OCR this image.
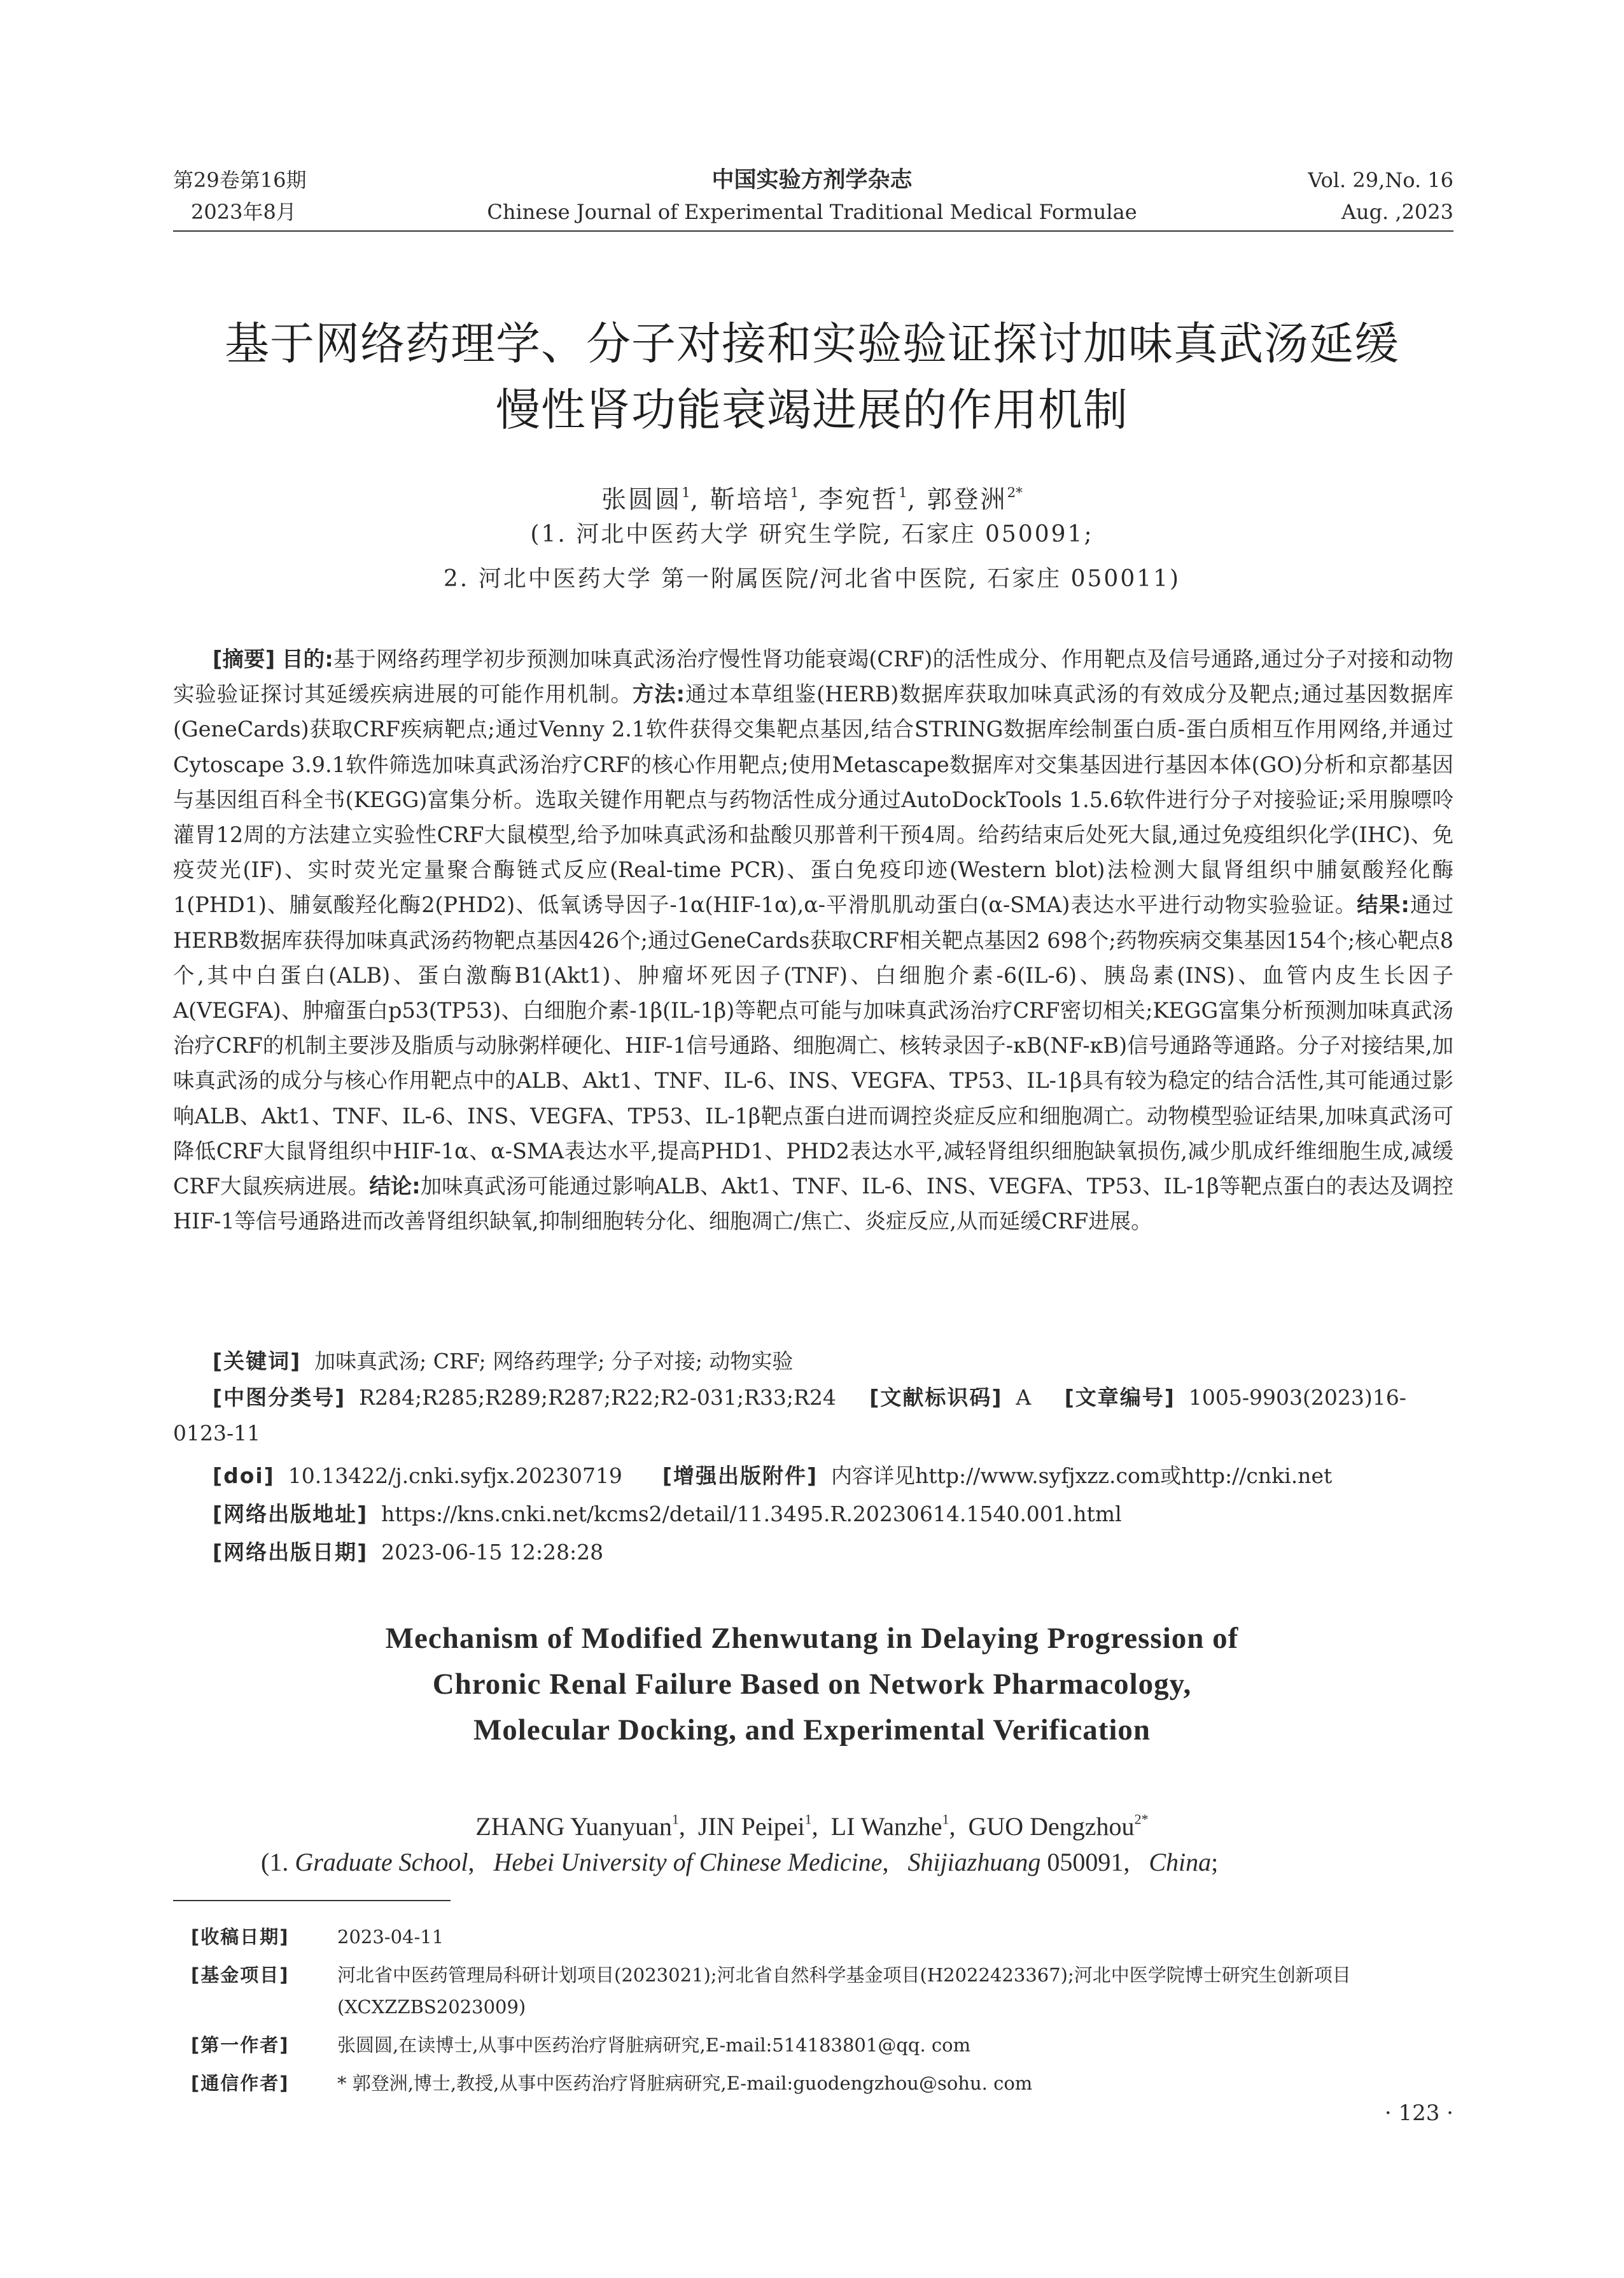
第29卷第16期
2023年8月
中国实验方剂学杂志
Chinese Journal of Experimental Traditional Medical Formulae
Vol. 29,No. 16
Aug. ,2023
基于网络药理学、分子对接和实验验证探讨加味真武汤延缓
慢性肾功能衰竭进展的作用机制
张圆圆$^1$, 靳培培$^1$, 李宛哲$^1$, 郭登洲$^{2*}$
(1. 河北中医药大学 研究生学院, 石家庄 050091;
2. 河北中医药大学 第一附属医院/河北省中医院, 石家庄 050011)
[摘要] 目的:基于网络药理学初步预测加味真武汤治疗慢性肾功能衰竭(CRF)的活性成分、作用靶点及信号通路,通过分子对接和动物实验验证探讨其延缓疾病进展的可能作用机制。方法:通过本草组鉴(HERB)数据库获取加味真武汤的有效成分及靶点;通过基因数据库(GeneCards)获取CRF疾病靶点;通过Venny 2.1软件获得交集靶点基因,结合STRING数据库绘制蛋白质-蛋白质相互作用网络,并通过Cytoscape 3.9.1软件筛选加味真武汤治疗CRF的核心作用靶点;使用Metascape数据库对交集基因进行基因本体(GO)分析和京都基因与基因组百科全书(KEGG)富集分析。选取关键作用靶点与药物活性成分通过AutoDockTools 1.5.6软件进行分子对接验证;采用腺嘌呤灌胃12周的方法建立实验性CRF大鼠模型,给予加味真武汤和盐酸贝那普利干预4周。给药结束后处死大鼠,通过免疫组织化学(IHC)、免疫荧光(IF)、实时荧光定量聚合酶链式反应(Real-time PCR)、蛋白免疫印迹(Western blot)法检测大鼠肾组织中脯氨酸羟化酶1(PHD1)、脯氨酸羟化酶2(PHD2)、低氧诱导因子-1α(HIF-1α),α-平滑肌肌动蛋白(α-SMA)表达水平进行动物实验验证。结果:通过HERB数据库获得加味真武汤药物靶点基因426个;通过GeneCards获取CRF相关靶点基因2 698个;药物疾病交集基因154个;核心靶点8个,其中白蛋白(ALB)、蛋白激酶B1(Akt1)、肿瘤坏死因子(TNF)、白细胞介素-6(IL-6)、胰岛素(INS)、血管内皮生长因子A(VEGFA)、肿瘤蛋白p53(TP53)、白细胞介素-1β(IL-1β)等靶点可能与加味真武汤治疗CRF密切相关;KEGG富集分析预测加味真武汤治疗CRF的机制主要涉及脂质与动脉粥样硬化、HIF-1信号通路、细胞凋亡、核转录因子-κB(NF-κB)信号通路等通路。分子对接结果,加味真武汤的成分与核心作用靶点中的ALB、Akt1、TNF、IL-6、INS、VEGFA、TP53、IL-1β具有较为稳定的结合活性,其可能通过影响ALB、Akt1、TNF、IL-6、INS、VEGFA、TP53、IL-1β靶点蛋白进而调控炎症反应和细胞凋亡。动物模型验证结果,加味真武汤可降低CRF大鼠肾组织中HIF-1α、α-SMA表达水平,提高PHD1、PHD2表达水平,减轻肾组织细胞缺氧损伤,减少肌成纤维细胞生成,减缓CRF大鼠疾病进展。结论:加味真武汤可能通过影响ALB、Akt1、TNF、IL-6、INS、VEGFA、TP53、IL-1β等靶点蛋白的表达及调控HIF-1等信号通路进而改善肾组织缺氧,抑制细胞转分化、细胞凋亡/焦亡、炎症反应,从而延缓CRF进展。
[关键词] 加味真武汤; CRF; 网络药理学; 分子对接; 动物实验
[中图分类号] R284;R285;R289;R287;R22;R2-031;R33;R24 [文献标识码] A [文章编号] 1005-9903(2023)16-0123-11
[doi] 10.13422/j.cnki.syfjx.20230719 [增强出版附件] 内容详见http://www.syfjxzz.com或http://cnki.net
[网络出版地址] https://kns.cnki.net/kcms2/detail/11.3495.R.20230614.1540.001.html
[网络出版日期] 2023-06-15 12:28:28
Mechanism of Modified Zhenwutang in Delaying Progression of
Chronic Renal Failure Based on Network Pharmacology,
Molecular Docking, and Experimental Verification
ZHANG Yuanyuan$^1$,  JIN Peipei$^1$,  LI Wanzhe$^1$,  GUO Dengzhou$^{2*}$
(1. Graduate School,   Hebei University of Chinese Medicine,   Shijiazhuang 050091,   China;
[收稿日期]	2023-04-11
[基金项目]	河北省中医药管理局科研计划项目(2023021);河北省自然科学基金项目(H2022423367);河北中医学院博士研究生创新项目(XCXZZBS2023009)
[第一作者]	张圆圆,在读博士,从事中医药治疗肾脏病研究,E-mail:514183801@qq. com
[通信作者]	* 郭登洲,博士,教授,从事中医药治疗肾脏病研究,E-mail:guodengzhou@sohu. com
· 123 ·
